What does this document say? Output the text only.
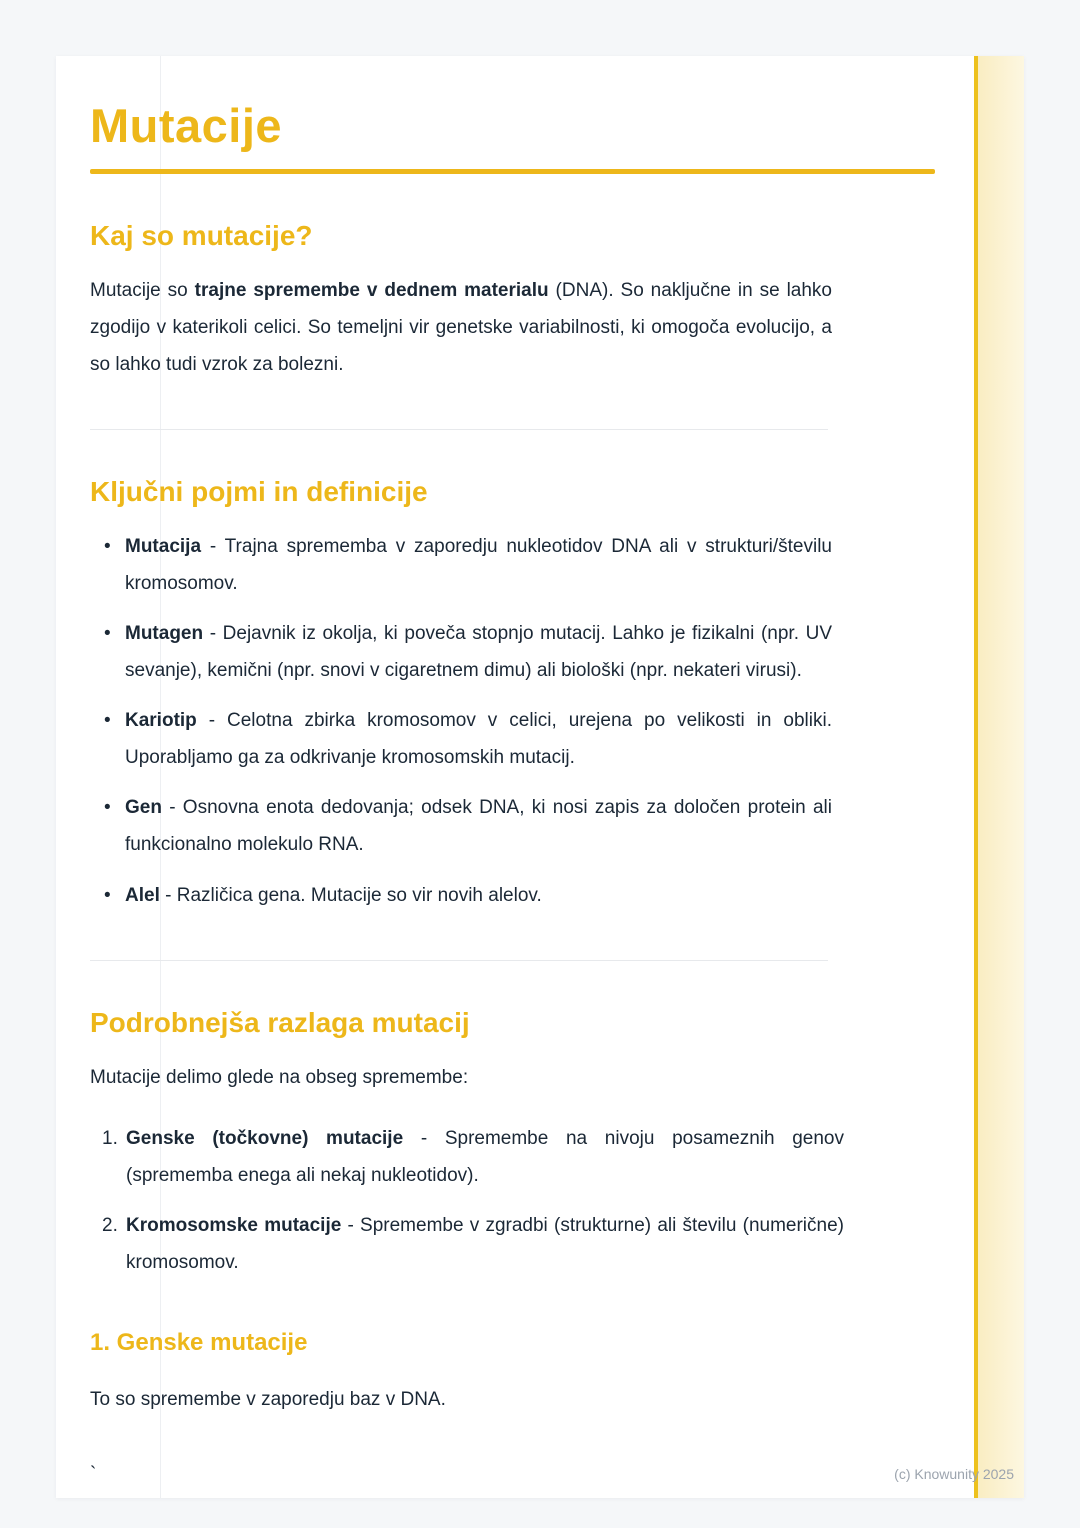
Mutacije
Kaj so mutacije?

Mutacije so trajne spremembe v dednem materialu (DNA). So naključne in se lahko zgodijo v katerikoli celici. So temeljni vir genetske variabilnosti, ki omogoča evolucijo, a so lahko tudi vzrok za bolezni.

Ključni pojmi in definicije
• Mutacija - Trajna sprememba v zaporedju nukleotidov DNA ali v strukturi/številu kromosomov.
• Mutagen - Dejavnik iz okolja, ki poveča stopnjo mutacij. Lahko je fizikalni (npr. UV sevanje), kemični (npr. snovi v cigaretnem dimu) ali biološki (npr. nekateri virusi).
• Kariotip - Celotna zbirka kromosomov v celici, urejena po velikosti in obliki. Uporabljamo ga za odkrivanje kromosomskih mutacij.
• Gen - Osnovna enota dedovanja; odsek DNA, ki nosi zapis za določen protein ali funkcionalno molekulo RNA.
• Alel - Različica gena. Mutacije so vir novih alelov.
Podrobnejša razlaga mutacij

Mutacije delimo glede na obseg spremembe:

1. Genske (točkovne) mutacije - Spremembe na nivoju posameznih genov (sprememba enega ali nekaj nukleotidov).
2. Kromosomske mutacije - Spremembe v zgradbi (strukturne) ali številu (numerične) kromosomov.
1. Genske mutacije

To so spremembe v zaporedju baz v DNA.

`	(c) Knowunity 2025
